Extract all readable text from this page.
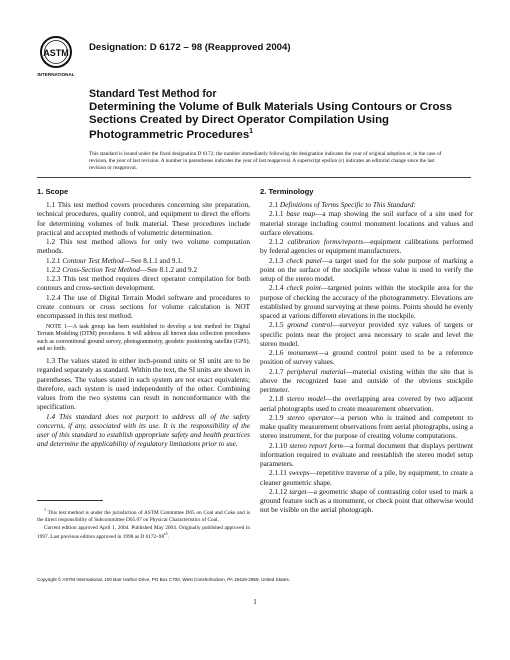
ASTM
INTERNATIONAL
Designation: D 6172 – 98 (Reapproved 2004)
Standard Test Method for
Determining the Volume of Bulk Materials Using Contours or Cross Sections Created by Direct Operator Compilation Using Photogrammetric Procedures$^1$
This standard is issued under the fixed designation D 6172; the number immediately following the designation indicates the year of original adoption or, in the case of revision, the year of last revision. A number in parentheses indicates the year of last reapproval. A superscript epsilon (ε) indicates an editorial change since the last revision or reapproval.
1. Scope

1.1 This test method covers procedures concerning site preparation, technical procedures, quality control, and equipment to direct the efforts for determining volumes of bulk material. These procedures include practical and accepted methods of volumetric determination.

1.2 This test method allows for only two volume computation methods.

1.2.1 Contour Test Method—See 8.1.1 and 9.1.

1.2.2 Cross-Section Test Method—See 8.1.2 and 9.2

1.2.3 This test method requires direct operator compilation for both contours and cross-section development.

1.2.4 The use of Digital Terrain Model software and procedures to create contours or cross sections for volume calculation is NOT encompassed in this test method.

NOTE 1—A task group has been established to develop a test method for Digital Terrain Modeling (DTM) procedures. It will address all known data collection procedures such as conventional ground survey, photogrammetry, geodetic positioning satellite (GPS), and so forth.

1.3 The values stated in either inch-pound units or SI units are to be regarded separately as standard. Within the text, the SI units are shown in parentheses. The values stated in each system are not exact equivalents; therefore, each system is used independently of the other. Combining values from the two systems can result in nonconformance with the specification.

1.4 This standard does not purport to address all of the safety concerns, if any, associated with its use. It is the responsibility of the user of this standard to establish appropriate safety and health practices and determine the applicability of regulatory limitations prior to use.

2. Terminology

2.1 Definitions of Terms Specific to This Standard:

2.1.1 base map—a map showing the soil surface of a site used for material storage including control monument locations and values and surface elevations.

2.1.2 calibration forms/reports—equipment calibrations performed by federal agencies or equipment manufacturers.

2.1.3 check panel—a target used for the sole purpose of marking a point on the surface of the stockpile whose value is used to verify the setup of the stereo model.

2.1.4 check point—targeted points within the stockpile area for the purpose of checking the accuracy of the photogrammetry. Elevations are established by ground surveying at these points. Points should be evenly spaced at various different elevations in the stockpile.

2.1.5 ground control—surveyor provided xyz values of targets or specific points near the project area necessary to scale and level the stereo model.

2.1.6 monument—a ground control point used to be a reference position of survey values.

2.1.7 peripheral material—material existing within the site that is above the recognized base and outside of the obvious stockpile perimeter.

2.1.8 stereo model—the overlapping area covered by two adjacent aerial photographs used to create measurement observation.

2.1.9 stereo operator—a person who is trained and competent to make quality measurement observations from aerial photographs, using a stereo instrument, for the purpose of creating volume computations.

2.1.10 stereo report form—a formal document that displays pertinent information required to evaluate and reestablish the stereo model setup parameters.

2.1.11 sweeps—repetitive traverse of a pile, by equipment, to create a cleaner geometric shape.

2.1.12 target—a geometric shape of contrasting color used to mark a ground feature such as a monument, or check point that otherwise would not be visible on the aerial photograph.

$^1$ This test method is under the jurisdiction of ASTM Committee D05 on Coal and Coke and is the direct responsibility of Subcommittee D05.07 on Physical Characteristics of Coal.

Current edition approved April 1, 2004. Published May 2004. Originally published approved in 1997. Last previous edition approved in 1998 as D $6172-98^{\varepsilon 1}$.

Copyright © ASTM International, 100 Barr Harbor Drive, PO Box C700, West Conshohocken, PA 19428-2959, United States.
1
